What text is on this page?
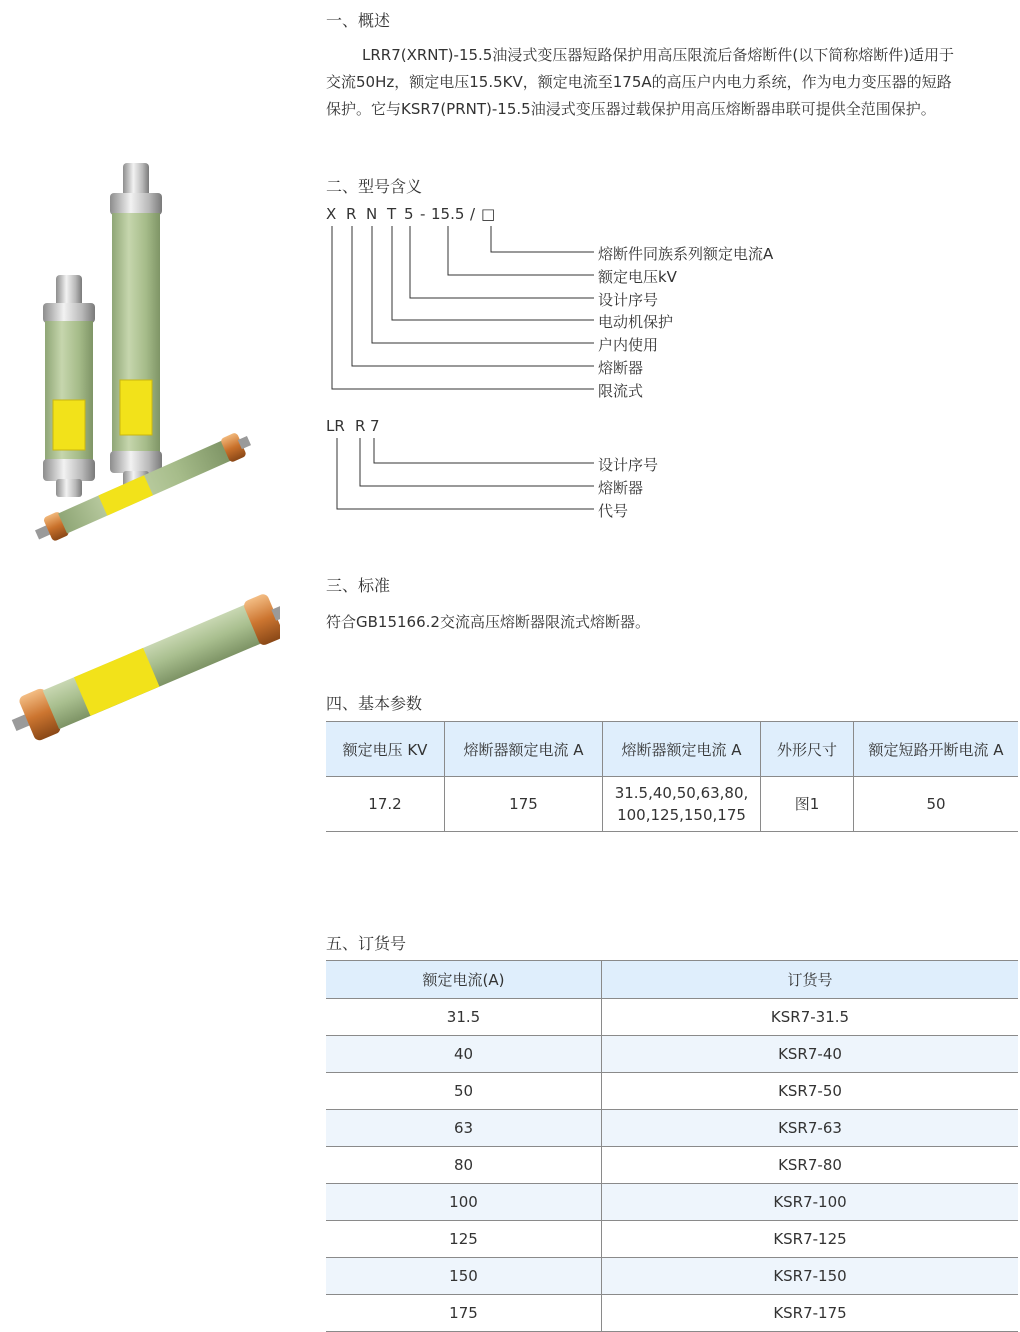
一、概述
LRR7(XRNT)-15.5油浸式变压器短路保护用高压限流后备熔断件(以下简称熔断件)适用于
交流50Hz，额定电压15.5KV，额定电流至175A的高压户内电力系统，作为电力变压器的短路
保护。它与KSR7(PRNT)-15.5油浸式变压器过载保护用高压熔断器串联可提供全范围保护。
二、型号含义
X R N T 5 - 15.5 / □
熔断件同族系列额定电流A
额定电压kV
设计序号
电动机保护
户内使用
熔断器
限流式
LR R 7
设计序号
熔断器
代号
三、标准
符合GB15166.2交流高压熔断器限流式熔断器。
四、基本参数
额定电压 KV	熔断器额定电流 A	熔断器额定电流 A	外形尺寸	额定短路开断电流 A
17.2	175	31.5,40,50,63,80,
100,125,150,175	图1	50
五、订货号
额定电流(A)	订货号
31.5	KSR7-31.5
40	KSR7-40
50	KSR7-50
63	KSR7-63
80	KSR7-80
100	KSR7-100
125	KSR7-125
150	KSR7-150
175	KSR7-175
